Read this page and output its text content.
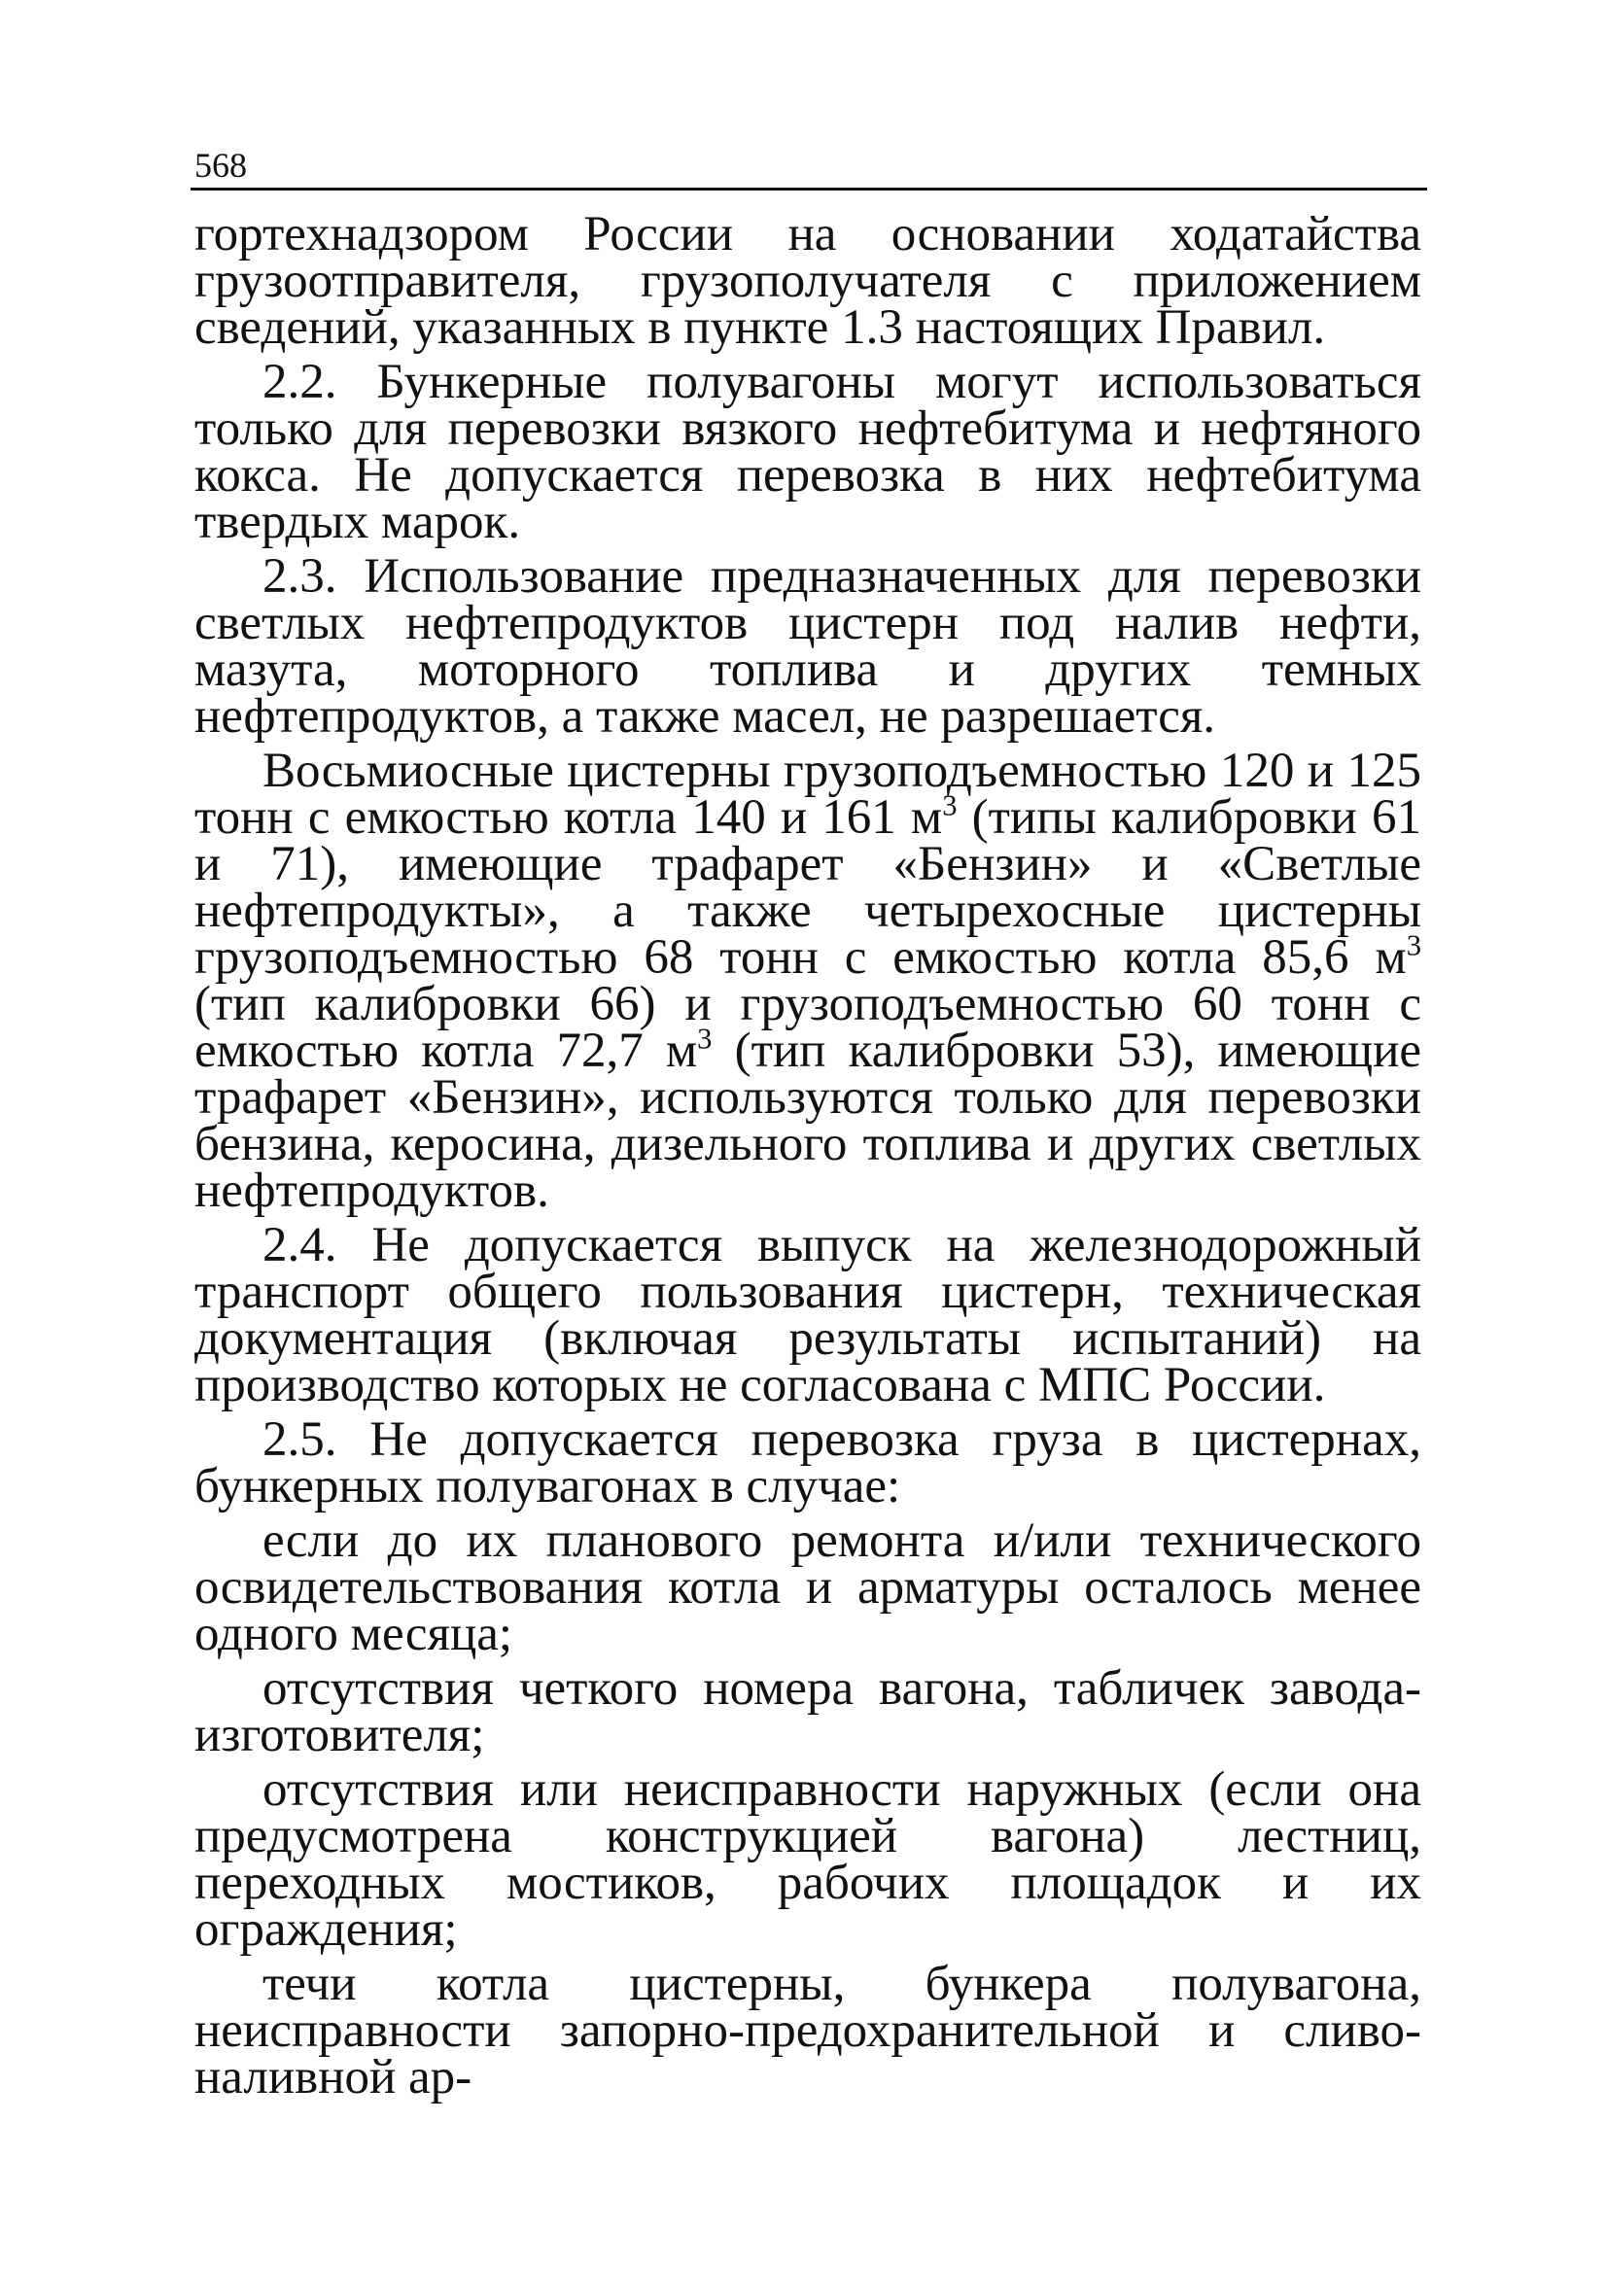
568

гортехнадзором России на основании ходатайства грузоотправителя, грузополучателя с приложением сведений, указанных в пункте 1.3 настоящих Правил.

2.2. Бункерные полувагоны могут использоваться только для перевозки вязкого нефтебитума и нефтяного кокса. Не допускается перевозка в них нефтебитума твердых марок.

2.3. Использование предназначенных для перевозки светлых нефтепродуктов цистерн под налив нефти, мазута, моторного топлива и других темных нефтепродуктов, а также масел, не разрешается.

Восьмиосные цистерны грузоподъемностью 120 и 125 тонн с емкостью котла 140 и 161 $м^3$ (типы калибровки 61 и 71), имеющие трафарет «Бензин» и «Светлые нефтепродукты», а также четырехосные цистерны грузоподъемностью 68 тонн с емкостью котла 85,6 $м^3$ (тип калибровки 66) и грузоподъемностью 60 тонн с емкостью котла 72,7 $м^3$ (тип калибровки 53), имеющие трафарет «Бензин», используются только для перевозки бензина, керосина, дизельного топлива и других светлых нефтепродуктов.

2.4. Не допускается выпуск на железнодорожный транспорт общего пользования цистерн, техническая документация (включая результаты испытаний) на производство которых не согласована с МПС России.

2.5. Не допускается перевозка груза в цистернах, бункерных полувагонах в случае:

если до их планового ремонта и/или технического освидетельствования котла и арматуры осталось менее одного месяца;

отсутствия четкого номера вагона, табличек завода-изготовителя;

отсутствия или неисправности наружных (если она предусмотрена конструкцией вагона) лестниц, переходных мостиков, рабочих площадок и их ограждения;

течи котла цистерны, бункера полувагона, неисправности запорно-предохранительной и сливо-наливной ар-
